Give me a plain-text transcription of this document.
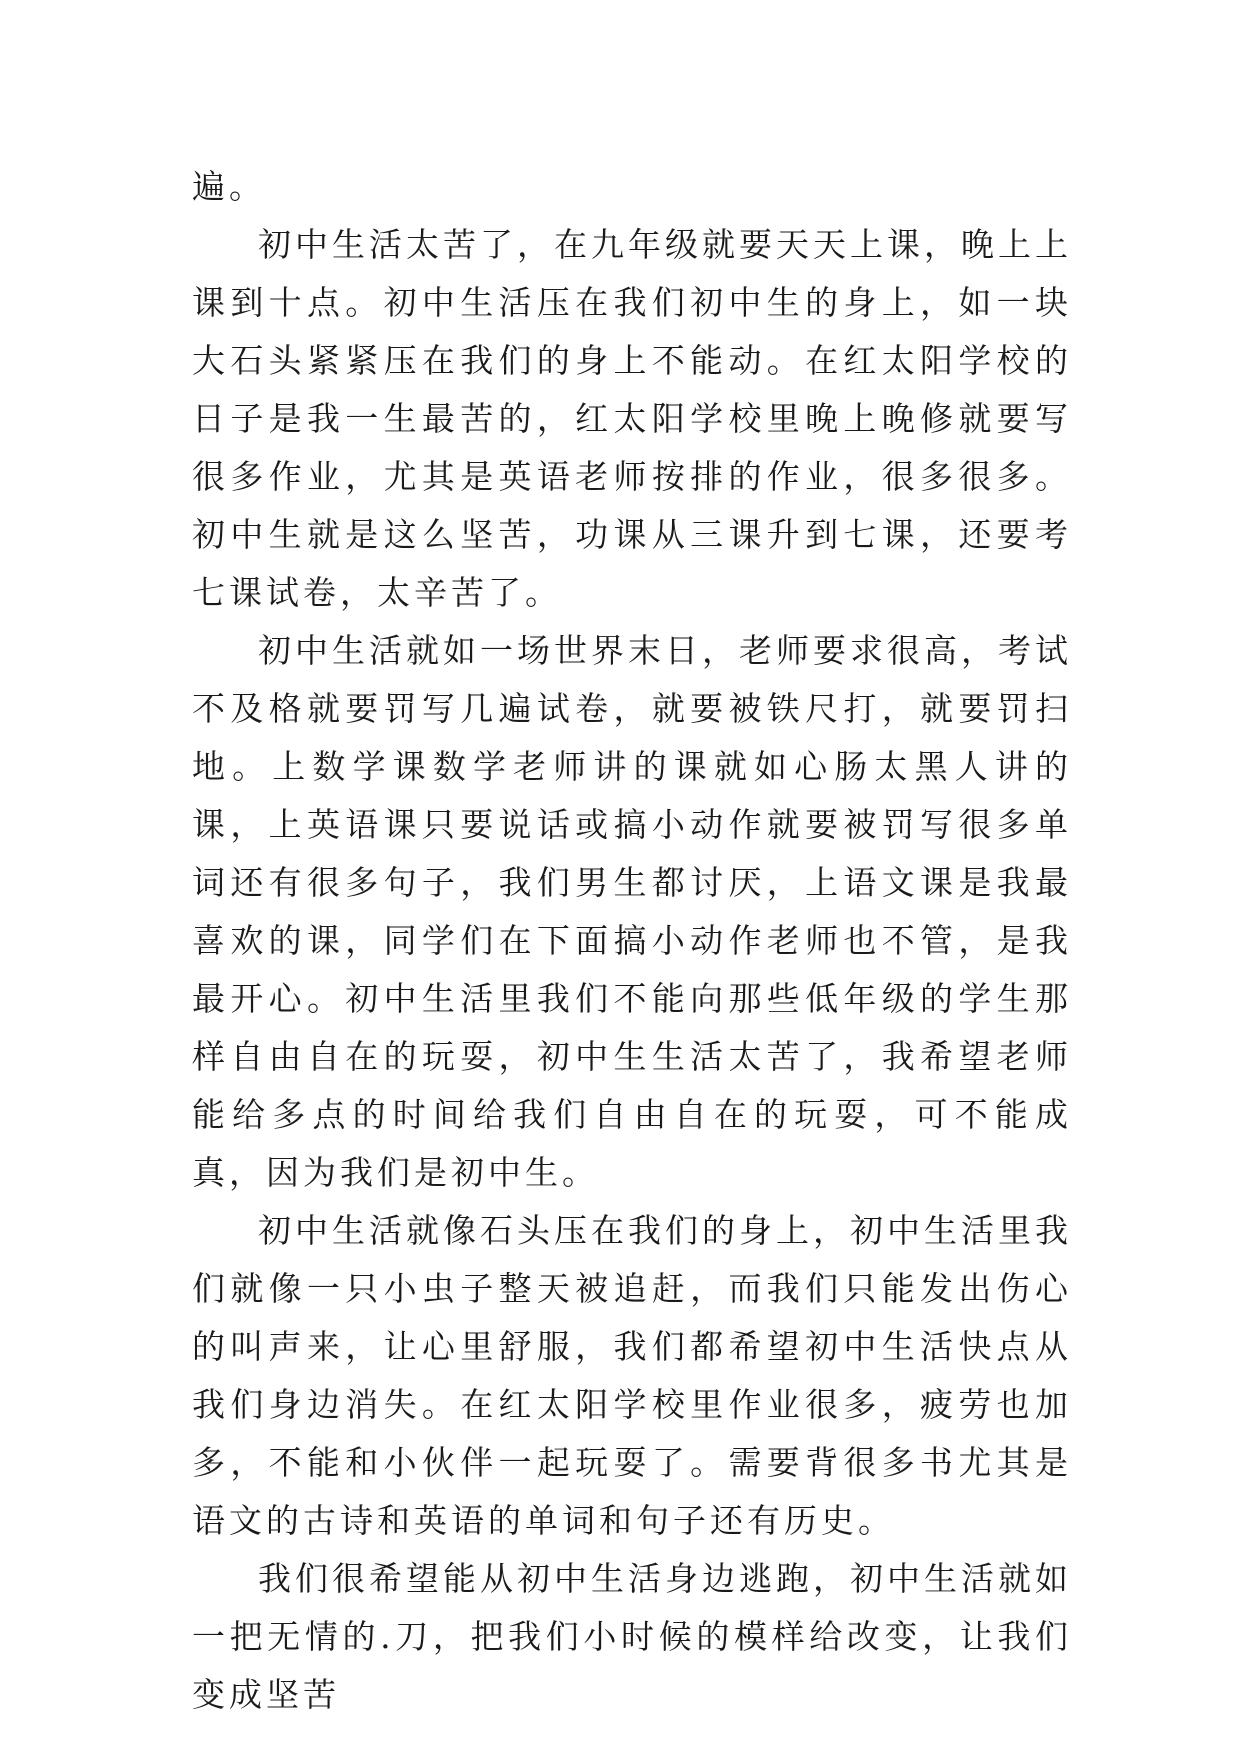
遍。

初中生活太苦了，在九年级就要天天上课，晚上上课到十点。初中生活压在我们初中生的身上，如一块大石头紧紧压在我们的身上不能动。在红太阳学校的日子是我一生最苦的，红太阳学校里晚上晚修就要写很多作业，尤其是英语老师按排的作业，很多很多。初中生就是这么坚苦，功课从三课升到七课，还要考七课试卷，太辛苦了。

初中生活就如一场世界末日，老师要求很高，考试不及格就要罚写几遍试卷，就要被铁尺打，就要罚扫地。上数学课数学老师讲的课就如心肠太黑人讲的课，上英语课只要说话或搞小动作就要被罚写很多单词还有很多句子，我们男生都讨厌，上语文课是我最喜欢的课，同学们在下面搞小动作老师也不管，是我最开心。初中生活里我们不能向那些低年级的学生那样自由自在的玩耍，初中生生活太苦了，我希望老师能给多点的时间给我们自由自在的玩耍，可不能成真，因为我们是初中生。

初中生活就像石头压在我们的身上，初中生活里我们就像一只小虫子整天被追赶，而我们只能发出伤心的叫声来，让心里舒服，我们都希望初中生活快点从我们身边消失。在红太阳学校里作业很多，疲劳也加多，不能和小伙伴一起玩耍了。需要背很多书尤其是语文的古诗和英语的单词和句子还有历史。

我们很希望能从初中生活身边逃跑，初中生活就如一把无情的.刀，把我们小时候的模样给改变，让我们变成坚苦
